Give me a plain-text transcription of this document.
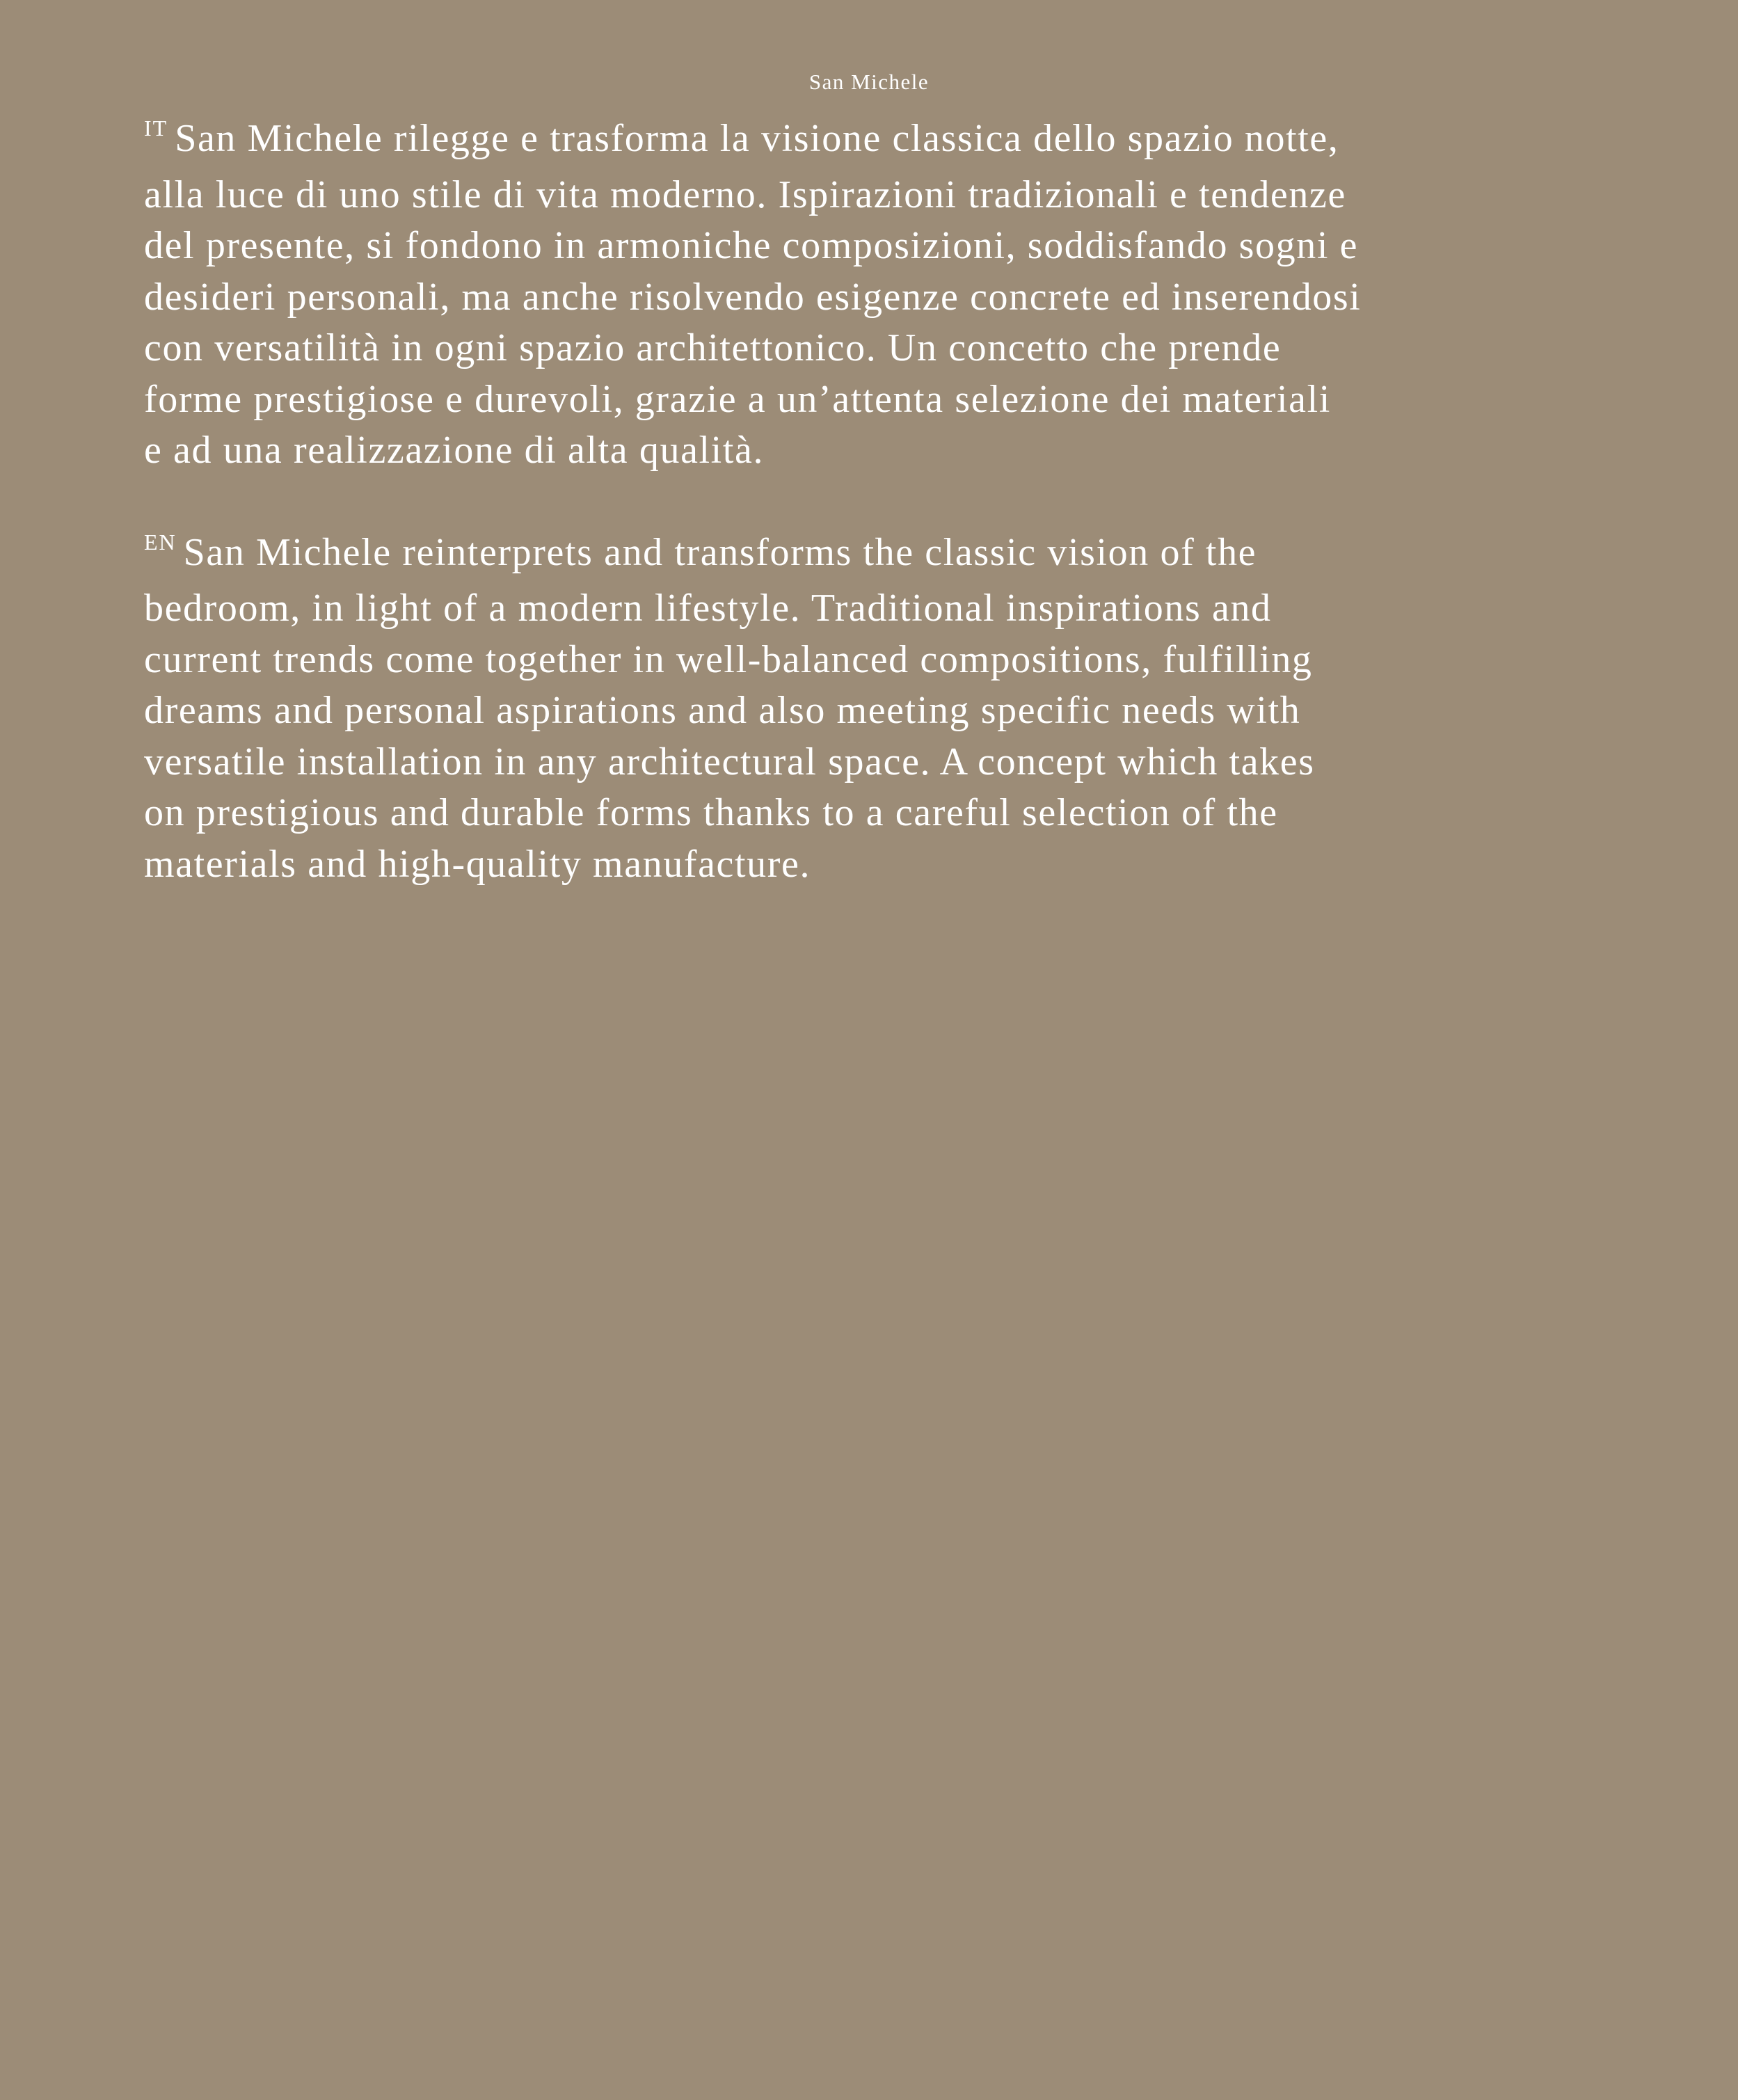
San Michele

$^{IT}$ San Michele rilegge e trasforma la visione classica dello spazio notte,
alla luce di uno stile di vita moderno. Ispirazioni tradizionali e tendenze
del presente, si fondono in armoniche composizioni, soddisfando sogni e
desideri personali, ma anche risolvendo esigenze concrete ed inserendosi
con versatilità in ogni spazio architettonico. Un concetto che prende
forme prestigiose e durevoli, grazie a un’attenta selezione dei materiali
e ad una realizzazione di alta qualità.

$^{EN}$ San Michele reinterprets and transforms the classic vision of the
bedroom, in light of a modern lifestyle. Traditional inspirations and
current trends come together in well-balanced compositions, fulfilling
dreams and personal aspirations and also meeting specific needs with
versatile installation in any architectural space. A concept which takes
on prestigious and durable forms thanks to a careful selection of the
materials and high-quality manufacture.
